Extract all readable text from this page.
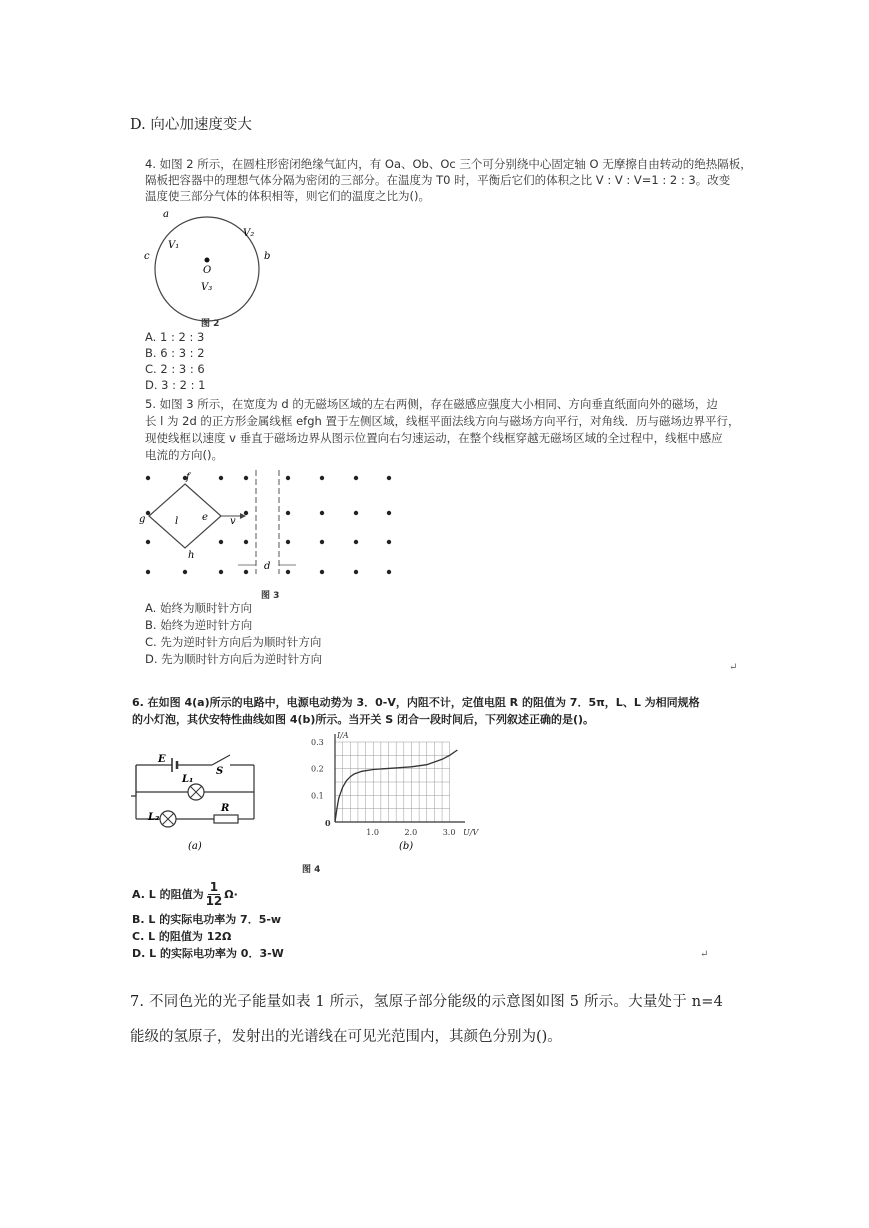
D. 向心加速度变大
4. 如图 2 所示，在圆柱形密闭绝缘气缸内，有 Oa、Ob、Oc 三个可分别绕中心固定轴 O 无摩擦自由转动的绝热隔板，
隔板把容器中的理想气体分隔为密闭的三部分。在温度为 T0 时，平衡后它们的体积之比 V : V : V=1 : 2 : 3。改变
温度使三部分气体的体积相等，则它们的温度之比为()。
a
c	b
O
V₁
V₂
V₃
图 2
A. 1 : 2 : 3
B. 6 : 3 : 2
C. 2 : 3 : 6
D. 3 : 2 : 1
5. 如图 3 所示，在宽度为 d 的无磁场区域的左右两侧，存在磁感应强度大小相同、方向垂直纸面向外的磁场，边
长 l 为 2d 的正方形金属线框 efgh 置于左侧区域，线框平面法线方向与磁场方向平行，对角线．历与磁场边界平行，
现使线框以速度 v 垂直于磁场边界从图示位置向右匀速运动，在整个线框穿越无磁场区域的全过程中，线框中感应
电流的方向()。
f
g
h
e
l	v
d
图 3
A. 始终为顺时针方向
B. 始终为逆时针方向
C. 先为逆时针方向后为顺时针方向
D. 先为顺时针方向后为逆时针方向
↵
6. 在如图 4(a)所示的电路中，电源电动势为 3．0-V，内阻不计，定值电阻 R 的阻值为 7．5π，L、L 为相同规格
的小灯泡，其伏安特性曲线如图 4(b)所示。当开关 S 闭合一段时间后，下列叙述正确的是()。
E
S
L₁
L₂
R
(a)
0.1
0.2
0.3
1.0	2.0	3.0
I/A
U/V
0
(b)
图 4
A. L 的阻值为 $\frac{1}{12} \Omega\cdot$
B. L 的实际电功率为 7．5-w
C. L 的阻值为 12Ω
D. L 的实际电功率为 0．3-W	↵
7. 不同色光的光子能量如表 1 所示，氢原子部分能级的示意图如图 5 所示。大量处于 n=4
能级的氢原子，发射出的光谱线在可见光范围内，其颜色分别为()。
